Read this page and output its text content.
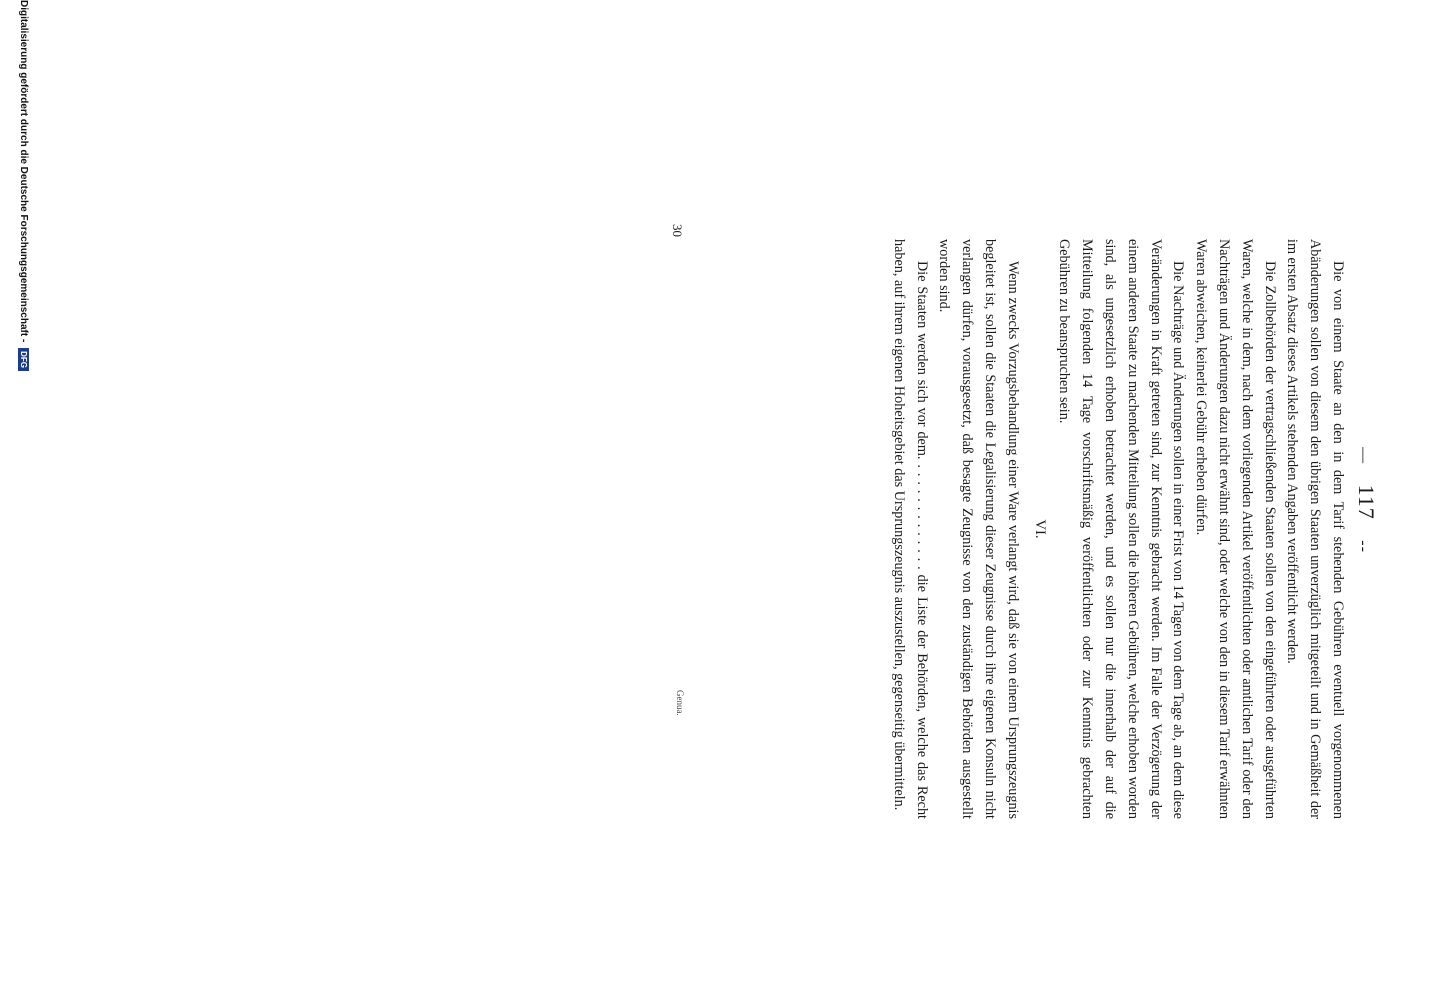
— 117 --

Die von einem Staate an den in dem Tarif stehenden Gebühren eventuell vorgenommenen Abänderungen sollen von diesem den übrigen Staaten unverzüglich mitgeteilt und in Gemäßheit der im ersten Absatz dieses Artikels stehenden Angaben veröffentlicht werden.

Die Zollbehörden der vertragschließenden Staaten sollen von den eingeführten oder ausgeführten Waren, welche in dem, nach dem vorliegenden Artikel veröffentlichten oder amtlichen Tarif oder den Nachträgen und Änderungen dazu nicht erwähnt sind, oder welche von den in diesem Tarif erwähnten Waren abweichen, keinerlei Gebühr erheben dürfen.

Die Nachträge und Änderungen sollen in einer Frist von 14 Tagen von dem Tage ab, an dem diese Veränderungen in Kraft getreten sind, zur Kenntnis gebracht werden. Im Falle der Verzögerung der einem anderen Staate zu machenden Mitteilung sollen die höheren Gebühren, welche erhoben worden sind, als ungesetzlich erhoben betrachtet werden, und es sollen nur die innerhalb der auf die Mitteilung folgenden 14 Tage vorschriftsmäßig veröffentlichten oder zur Kenntnis gebrachten Gebühren zu beanspruchen sein.

VI.

Wenn zwecks Vorzugsbehandlung einer Ware verlangt wird, daß sie von einem Ursprungszeugnis begleitet ist, sollen die Staaten die Legalisierung dieser Zeugnisse durch ihre eigenen Konsuln nicht verlangen dürfen, vorausgesetzt, daß besagte Zeugnisse von den zuständigen Behörden ausgestellt worden sind.

Die Staaten werden sich vor dem. . . . . . . . . . . . . . die Liste der Behörden, welche das Recht haben, auf ihrem eigenen Hoheitsgebiet das Ursprungszeugnis auszustellen, gegenseitig übermitteln.

30
Genua.
Digitalisierung gefördert durch die Deutsche Forschungsgemeinschaft - DFG
